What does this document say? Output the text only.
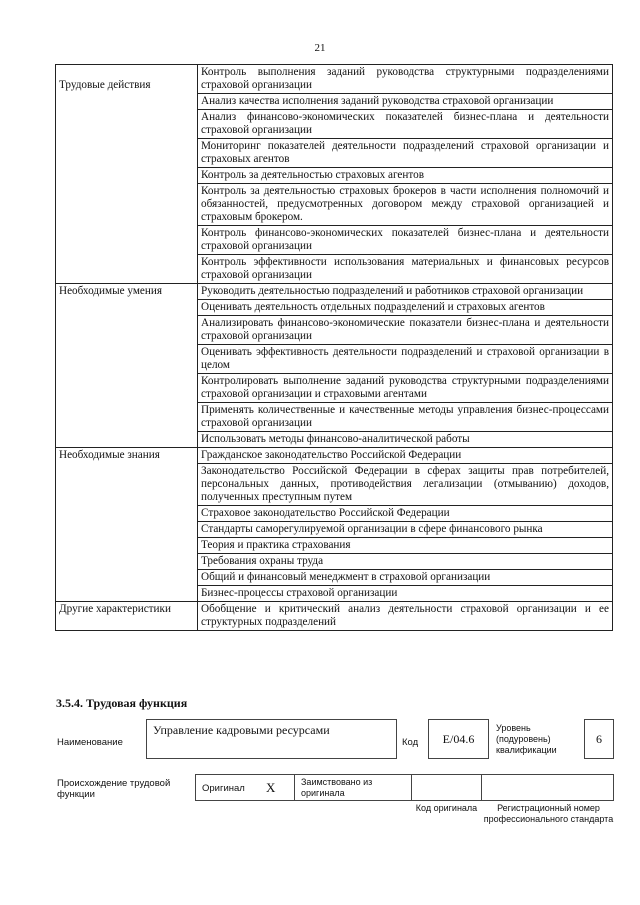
21
Трудовые действия	Контроль выполнения заданий руководства структурными подразделениями страховой организации
	Анализ качества исполнения заданий руководства страховой организации
	Анализ финансово-экономических показателей бизнес-плана и деятельности страховой организации
	Мониторинг показателей деятельности подразделений страховой организации и страховых агентов
	Контроль за деятельностью страховых агентов
	Контроль за деятельностью страховых брокеров в части исполнения полномочий и обязанностей, предусмотренных договором между страховой организацией и страховым брокером.
	Контроль финансово-экономических показателей бизнес-плана и деятельности страховой организации
	Контроль эффективности использования материальных и финансовых ресурсов страховой организации
Необходимые умения	Руководить деятельностью подразделений и работников страховой организации
	Оценивать деятельность отдельных подразделений и страховых агентов
	Анализировать финансово-экономические показатели бизнес-плана и деятельности страховой организации
	Оценивать эффективность деятельности подразделений и страховой организации в целом
	Контролировать выполнение заданий руководства структурными подразделениями страховой организации и страховыми агентами
	Применять количественные и качественные методы управления бизнес-процессами страховой организации
	Использовать методы финансово-аналитической работы
Необходимые знания	Гражданское законодательство Российской Федерации
	Законодательство Российской Федерации в сферах защиты прав потребителей, персональных данных, противодействия легализации (отмыванию) доходов, полученных преступным путем
	Страховое законодательство Российской Федерации
	Стандарты саморегулируемой организации в сфере финансового рынка
	Теория и практика страхования
	Требования охраны труда
	Общий и финансовый менеджмент в страховой организации
	Бизнес-процессы страховой организации
Другие характеристики	Обобщение и критический анализ деятельности страховой организации и ее структурных подразделений
3.5.4. Трудовая функция
Наименование
Управление кадровыми ресурсами
Код E/04.6
Уровень (подуровень) квалификации
6
Происхождение трудовой функции
Оригинал X	Заимствовано из оригинала
Код оригинала	Регистрационный номер профессионального стандарта
